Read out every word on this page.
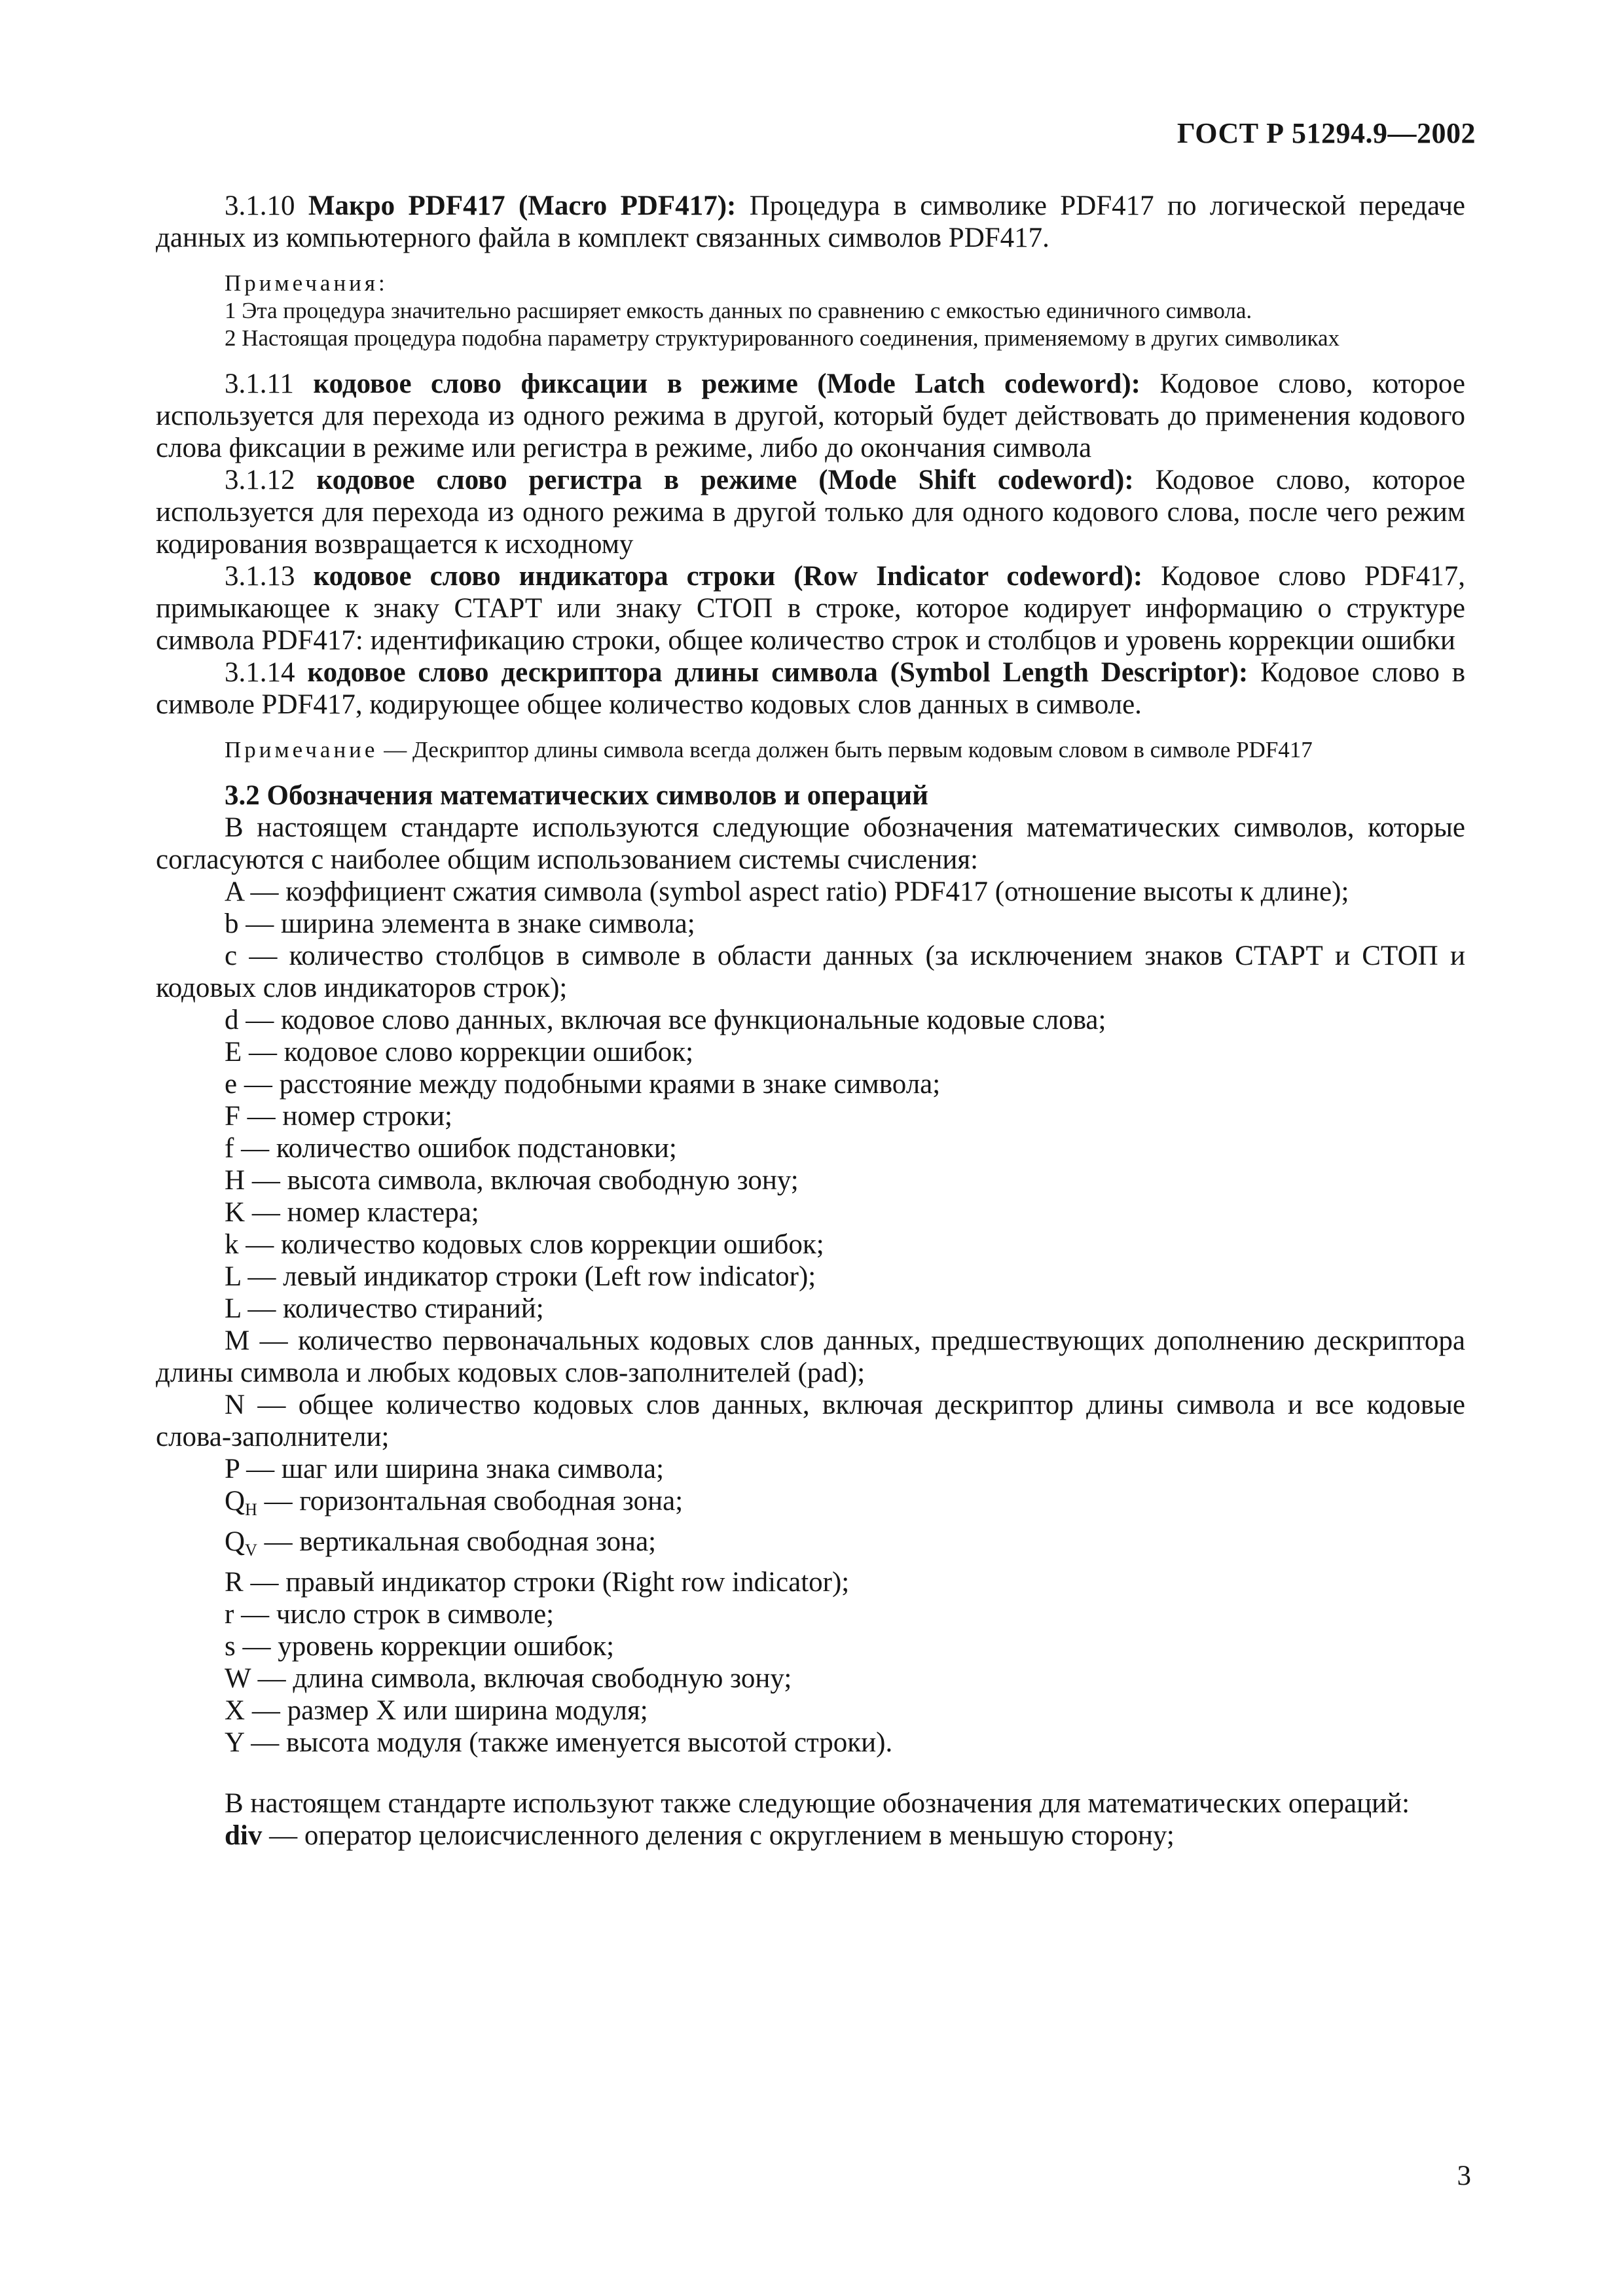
ГОСТ Р 51294.9—2002

3.1.10 Макро PDF417 (Macro PDF417): Процедура в символике PDF417 по логической передаче данных из компьютерного файла в комплект связанных символов PDF417.

Примечания:

1 Эта процедура значительно расширяет емкость данных по сравнению с емкостью единичного символа.

2 Настоящая процедура подобна параметру структурированного соединения, применяемому в других символиках

3.1.11 кодовое слово фиксации в режиме (Mode Latch codeword): Кодовое слово, которое используется для перехода из одного режима в другой, который будет действовать до применения кодового слова фиксации в режиме или регистра в режиме, либо до окончания символа

3.1.12 кодовое слово регистра в режиме (Mode Shift codeword): Кодовое слово, которое используется для перехода из одного режима в другой только для одного кодового слова, после чего режим кодирования возвращается к исходному

3.1.13 кодовое слово индикатора строки (Row Indicator codeword): Кодовое слово PDF417, примыкающее к знаку СТАРТ или знаку СТОП в строке, которое кодирует информацию о структуре символа PDF417: идентификацию строки, общее количество строк и столбцов и уровень коррекции ошибки

3.1.14 кодовое слово дескриптора длины символа (Symbol Length Descriptor): Кодовое слово в символе PDF417, кодирующее общее количество кодовых слов данных в символе.

Примечание — Дескриптор длины символа всегда должен быть первым кодовым словом в символе PDF417

3.2 Обозначения математических символов и операций

В настоящем стандарте используются следующие обозначения математических символов, которые согласуются с наиболее общим использованием системы счисления:

A — коэффициент сжатия символа (symbol aspect ratio) PDF417 (отношение высоты к длине);

b — ширина элемента в знаке символа;

c — количество столбцов в символе в области данных (за исключением знаков СТАРТ и СТОП и кодовых слов индикаторов строк);

d — кодовое слово данных, включая все функциональные кодовые слова;

E — кодовое слово коррекции ошибок;

e — расстояние между подобными краями в знаке символа;

F — номер строки;

f — количество ошибок подстановки;

H — высота символа, включая свободную зону;

K — номер кластера;

k — количество кодовых слов коррекции ошибок;

L — левый индикатор строки (Left row indicator);

L — количество стираний;

M — количество первоначальных кодовых слов данных, предшествующих дополнению дескриптора длины символа и любых кодовых слов-заполнителей (pad);

N — общее количество кодовых слов данных, включая дескриптор длины символа и все кодовые слова-заполнители;

P — шаг или ширина знака символа;

$Q_H$ — горизонтальная свободная зона;

$Q_V$ — вертикальная свободная зона;

R — правый индикатор строки (Right row indicator);

r — число строк в символе;

s — уровень коррекции ошибок;

W — длина символа, включая свободную зону;

X — размер X или ширина модуля;

Y — высота модуля (также именуется высотой строки).

В настоящем стандарте используют также следующие обозначения для математических операций:

div — оператор целоисчисленного деления с округлением в меньшую сторону;

3
